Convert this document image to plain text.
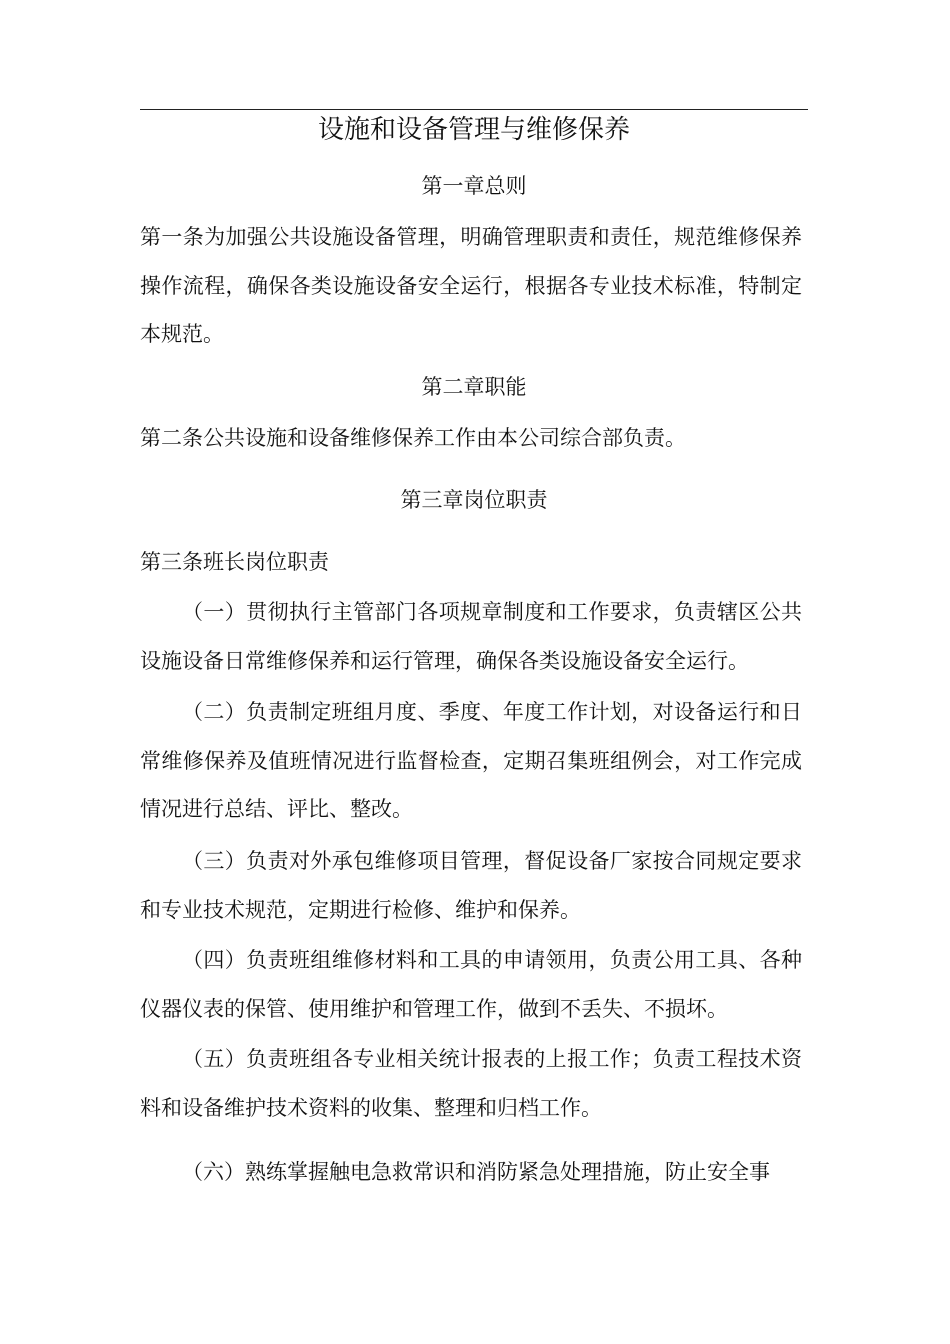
设施和设备管理与维修保养
第一章总则

第一条为加强公共设施设备管理，明确管理职责和责任，规范维修保养操作流程，确保各类设施设备安全运行，根据各专业技术标准，特制定本规范。

第二章职能

第二条公共设施和设备维修保养工作由本公司综合部负责。

第三章岗位职责

第三条班长岗位职责

（一）贯彻执行主管部门各项规章制度和工作要求，负责辖区公共设施设备日常维修保养和运行管理，确保各类设施设备安全运行。

（二）负责制定班组月度、季度、年度工作计划，对设备运行和日常维修保养及值班情况进行监督检查，定期召集班组例会，对工作完成情况进行总结、评比、整改。

（三）负责对外承包维修项目管理，督促设备厂家按合同规定要求和专业技术规范，定期进行检修、维护和保养。

（四）负责班组维修材料和工具的申请领用，负责公用工具、各种仪器仪表的保管、使用维护和管理工作，做到不丢失、不损坏。

（五）负责班组各专业相关统计报表的上报工作；负责工程技术资料和设备维护技术资料的收集、整理和归档工作。

（六）熟练掌握触电急救常识和消防紧急处理措施，防止安全事
